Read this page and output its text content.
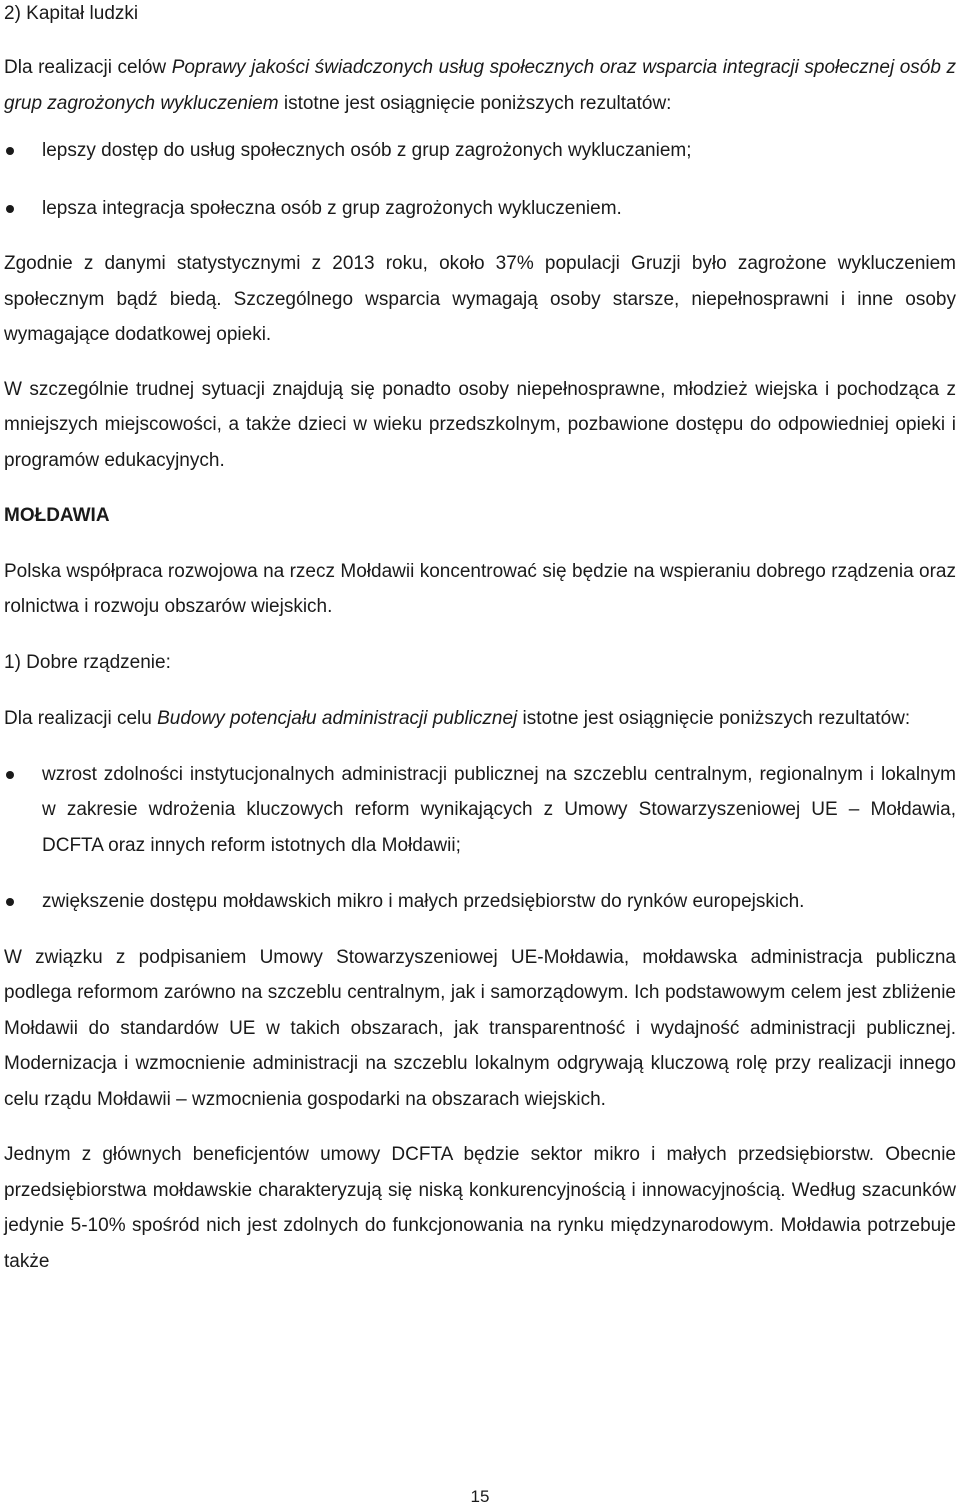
2) Kapitał ludzki

Dla realizacji celów Poprawy jakości świadczonych usług społecznych oraz wsparcia integracji społecznej osób z grup zagrożonych wykluczeniem istotne jest osiągnięcie poniższych rezultatów:

lepszy dostęp do usług społecznych osób z grup zagrożonych wykluczaniem;
lepsza integracja społeczna osób z grup zagrożonych wykluczeniem.

Zgodnie z danymi statystycznymi z 2013 roku, około 37% populacji Gruzji było zagrożone wykluczeniem społecznym bądź biedą. Szczególnego wsparcia wymagają osoby starsze, niepełnosprawni i inne osoby wymagające dodatkowej opieki.

W szczególnie trudnej sytuacji znajdują się ponadto osoby niepełnosprawne, młodzież wiejska i pochodząca z mniejszych miejscowości, a także dzieci w wieku przedszkolnym, pozbawione dostępu do odpowiedniej opieki i programów edukacyjnych.

MOŁDAWIA

Polska współpraca rozwojowa na rzecz Mołdawii koncentrować się będzie na wspieraniu dobrego rządzenia oraz rolnictwa i rozwoju obszarów wiejskich.

1) Dobre rządzenie:

Dla realizacji celu Budowy potencjału administracji publicznej istotne jest osiągnięcie poniższych rezultatów:

wzrost zdolności instytucjonalnych administracji publicznej na szczeblu centralnym, regionalnym i lokalnym w zakresie wdrożenia kluczowych reform wynikających z Umowy Stowarzyszeniowej UE – Mołdawia, DCFTA oraz innych reform istotnych dla Mołdawii;
zwiększenie dostępu mołdawskich mikro i małych przedsiębiorstw do rynków europejskich.

W związku z podpisaniem Umowy Stowarzyszeniowej UE-Mołdawia, mołdawska administracja publiczna podlega reformom zarówno na szczeblu centralnym, jak i samorządowym. Ich podstawowym celem jest zbliżenie Mołdawii do standardów UE w takich obszarach, jak transparentność i wydajność administracji publicznej. Modernizacja i wzmocnienie administracji na szczeblu lokalnym odgrywają kluczową rolę przy realizacji innego celu rządu Mołdawii – wzmocnienia gospodarki na obszarach wiejskich.

Jednym z głównych beneficjentów umowy DCFTA będzie sektor mikro i małych przedsiębiorstw. Obecnie przedsiębiorstwa mołdawskie charakteryzują się niską konkurencyjnością i innowacyjnością. Według szacunków jedynie 5-10% spośród nich jest zdolnych do funkcjonowania na rynku międzynarodowym. Mołdawia potrzebuje także

15
